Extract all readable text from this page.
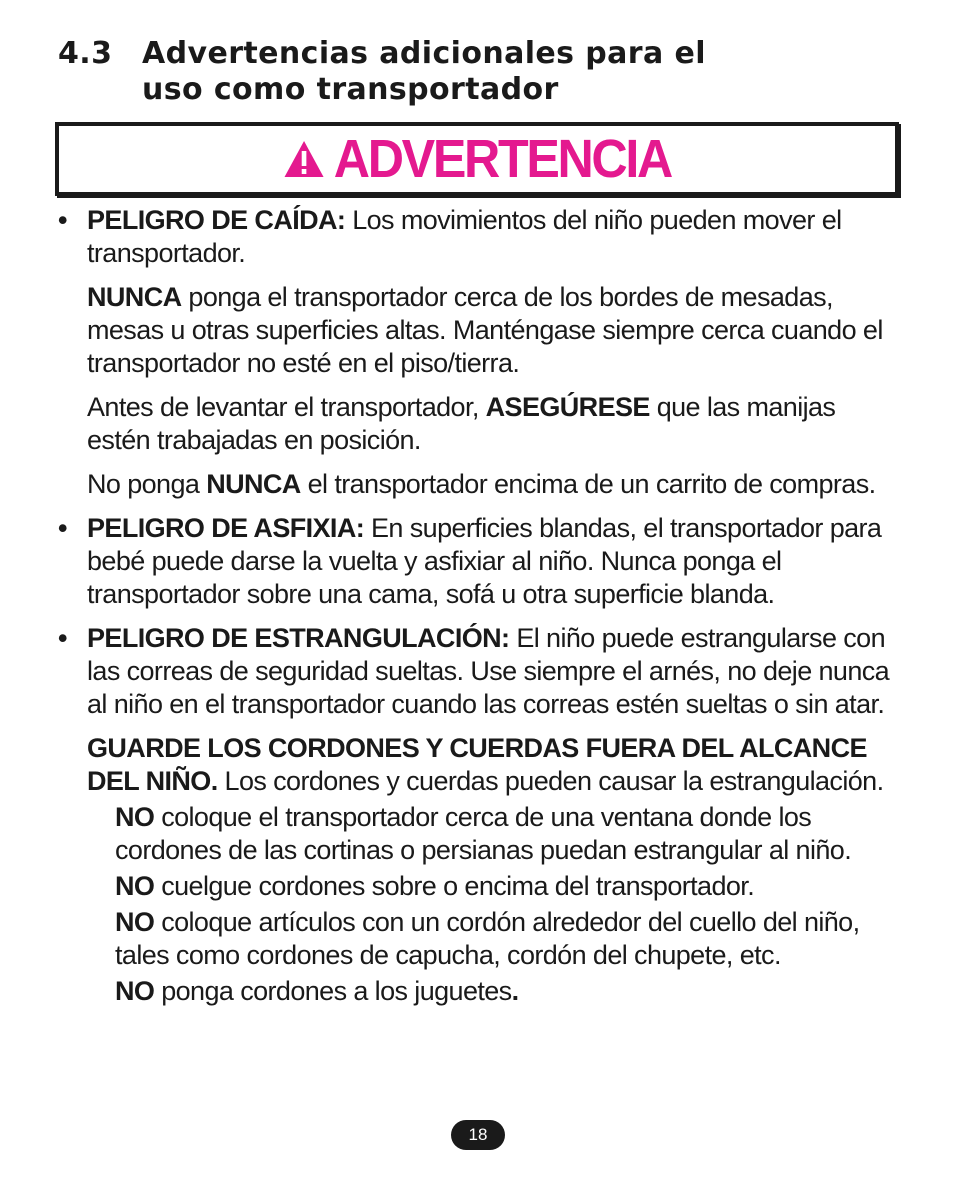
4.3 Advertencias adicionales para el
uso como transportador
ADVERTENCIA
• PELIGRO DE CAÍDA: Los movimientos del niño pueden mover el transportador.

NUNCA ponga el transportador cerca de los bordes de mesadas, mesas u otras superficies altas. Manténgase siempre cerca cuando el transportador no esté en el piso/tierra.

Antes de levantar el transportador, ASEGÚRESE que las manijas estén trabajadas en posición.

No ponga NUNCA el transportador encima de un carrito de compras.

• PELIGRO DE ASFIXIA: En superficies blandas, el transportador para bebé puede darse la vuelta y asfixiar al niño. Nunca ponga el transportador sobre una cama, sofá u otra superficie blanda.
• PELIGRO DE ESTRANGULACIÓN: El niño puede estrangularse con las correas de seguridad sueltas. Use siempre el arnés, no deje nunca al niño en el transportador cuando las correas estén sueltas o sin atar.

GUARDE LOS CORDONES Y CUERDAS FUERA DEL ALCANCE DEL NIÑO. Los cordones y cuerdas pueden causar la estrangulación.

NO coloque el transportador cerca de una ventana donde los cordones de las cortinas o persianas puedan estrangular al niño.

NO cuelgue cordones sobre o encima del transportador.

NO coloque artículos con un cordón alrededor del cuello del niño, tales como cordones de capucha, cordón del chupete, etc.

NO ponga cordones a los juguetes.

18
